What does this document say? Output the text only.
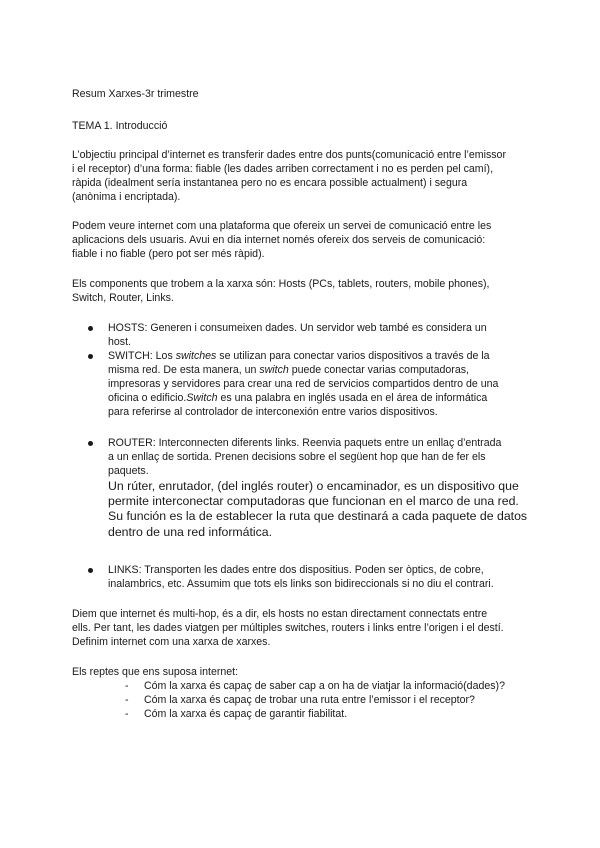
Resum Xarxes-3r trimestre

TEMA 1. Introducció

L’objectiu principal d’internet es transferir dades entre dos punts(comunicació entre l’emissor
i el receptor) d’una forma: fiable (les dades arriben correctament i no es perden pel camí),
ràpida (idealment sería instantanea pero no es encara possible actualment) i segura
(anònima i encriptada).

Podem veure internet com una plataforma que ofereix un servei de comunicació entre les
aplicacions dels usuaris. Avui en dia internet només ofereix dos serveis de comunicació:
fiable i no fiable (pero pot ser més ràpid).

Els components que trobem a la xarxa són: Hosts (PCs, tablets, routers, mobile phones),
Switch, Router, Links.

HOSTS: Generen i consumeixen dades. Un servidor web també es considera un
host.
SWITCH: Los switches se utilizan para conectar varios dispositivos a través de la
misma red. De esta manera, un switch puede conectar varias computadoras,
impresoras y servidores para crear una red de servicios compartidos dentro de una
oficina o edificio.Switch es una palabra en inglés usada en el área de informática
para referirse al controlador de interconexión entre varios dispositivos.
ROUTER: Interconnecten diferents links. Reenvia paquets entre un enllaç d’entrada
a un enllaç de sortida. Prenen decisions sobre el següent hop que han de fer els
paquets.
Un rúter, enrutador, (del inglés router) o encaminador, es un dispositivo que
permite interconectar computadoras que funcionan en el marco de una red.
Su función es la de establecer la ruta que destinará a cada paquete de datos
dentro de una red informática.
LINKS: Transporten les dades entre dos dispositius. Poden ser òptics, de cobre,
inalambrics, etc. Assumim que tots els links son bidireccionals si no diu el contrari.

Diem que internet és multi-hop, és a dir, els hosts no estan directament connectats entre
ells. Per tant, les dades viatgen per múltiples switches, routers i links entre l’origen i el destí.
Definim internet com una xarxa de xarxes.

Els reptes que ens suposa internet:

- Cóm la xarxa és capaç de saber cap a on ha de viatjar la informació(dades)?
- Cóm la xarxa és capaç de trobar una ruta entre l’emissor i el receptor?
- Cóm la xarxa és capaç de garantir fiabilitat.
